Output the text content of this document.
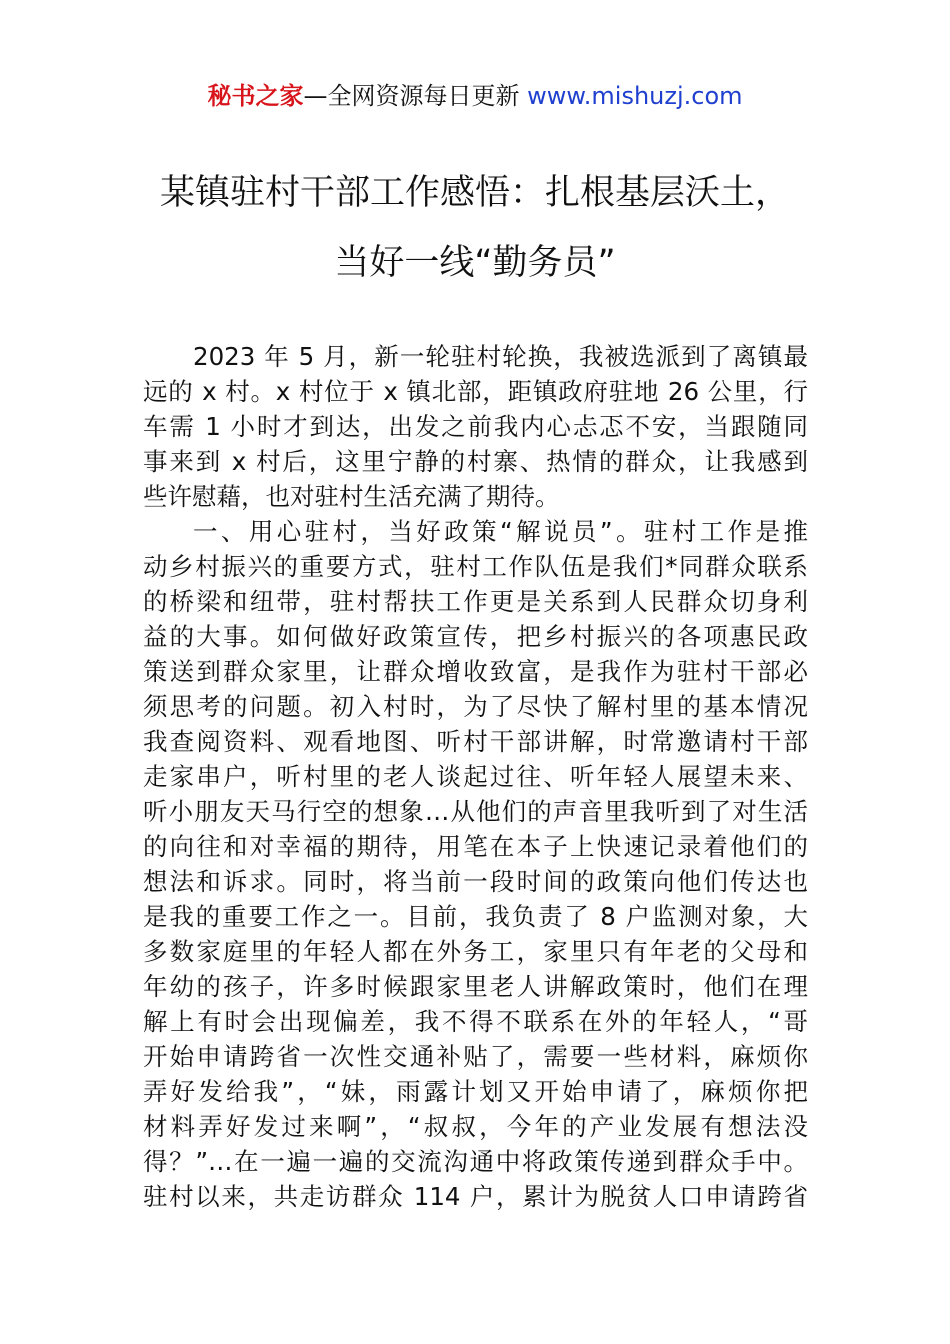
秘书之家—全网资源每日更新 www.mishuzj.com
某镇驻村干部工作感悟：扎根基层沃土，
当好一线“勤务员”
2023 年 5 月，新一轮驻村轮换，我被选派到了离镇最
远的 x 村。x 村位于 x 镇北部，距镇政府驻地 26 公里，行
车需 1 小时才到达，出发之前我内心忐忑不安，当跟随同
事来到 x 村后，这里宁静的村寨、热情的群众，让我感到
些许慰藉，也对驻村生活充满了期待。
一、用心驻村，当好政策“解说员”。驻村工作是推
动乡村振兴的重要方式，驻村工作队伍是我们*同群众联系
的桥梁和纽带，驻村帮扶工作更是关系到人民群众切身利
益的大事。如何做好政策宣传，把乡村振兴的各项惠民政
策送到群众家里，让群众增收致富，是我作为驻村干部必
须思考的问题。初入村时，为了尽快了解村里的基本情况
我查阅资料、观看地图、听村干部讲解，时常邀请村干部
走家串户，听村里的老人谈起过往、听年轻人展望未来、
听小朋友天马行空的想象…从他们的声音里我听到了对生活
的向往和对幸福的期待，用笔在本子上快速记录着他们的
想法和诉求。同时，将当前一段时间的政策向他们传达也
是我的重要工作之一。目前，我负责了 8 户监测对象，大
多数家庭里的年轻人都在外务工，家里只有年老的父母和
年幼的孩子，许多时候跟家里老人讲解政策时，他们在理
解上有时会出现偏差，我不得不联系在外的年轻人，“哥
开始申请跨省一次性交通补贴了，需要一些材料，麻烦你
弄好发给我”，“妹，雨露计划又开始申请了，麻烦你把
材料弄好发过来啊”，“叔叔，今年的产业发展有想法没
得？”…在一遍一遍的交流沟通中将政策传递到群众手中。
驻村以来，共走访群众 114 户，累计为脱贫人口申请跨省
